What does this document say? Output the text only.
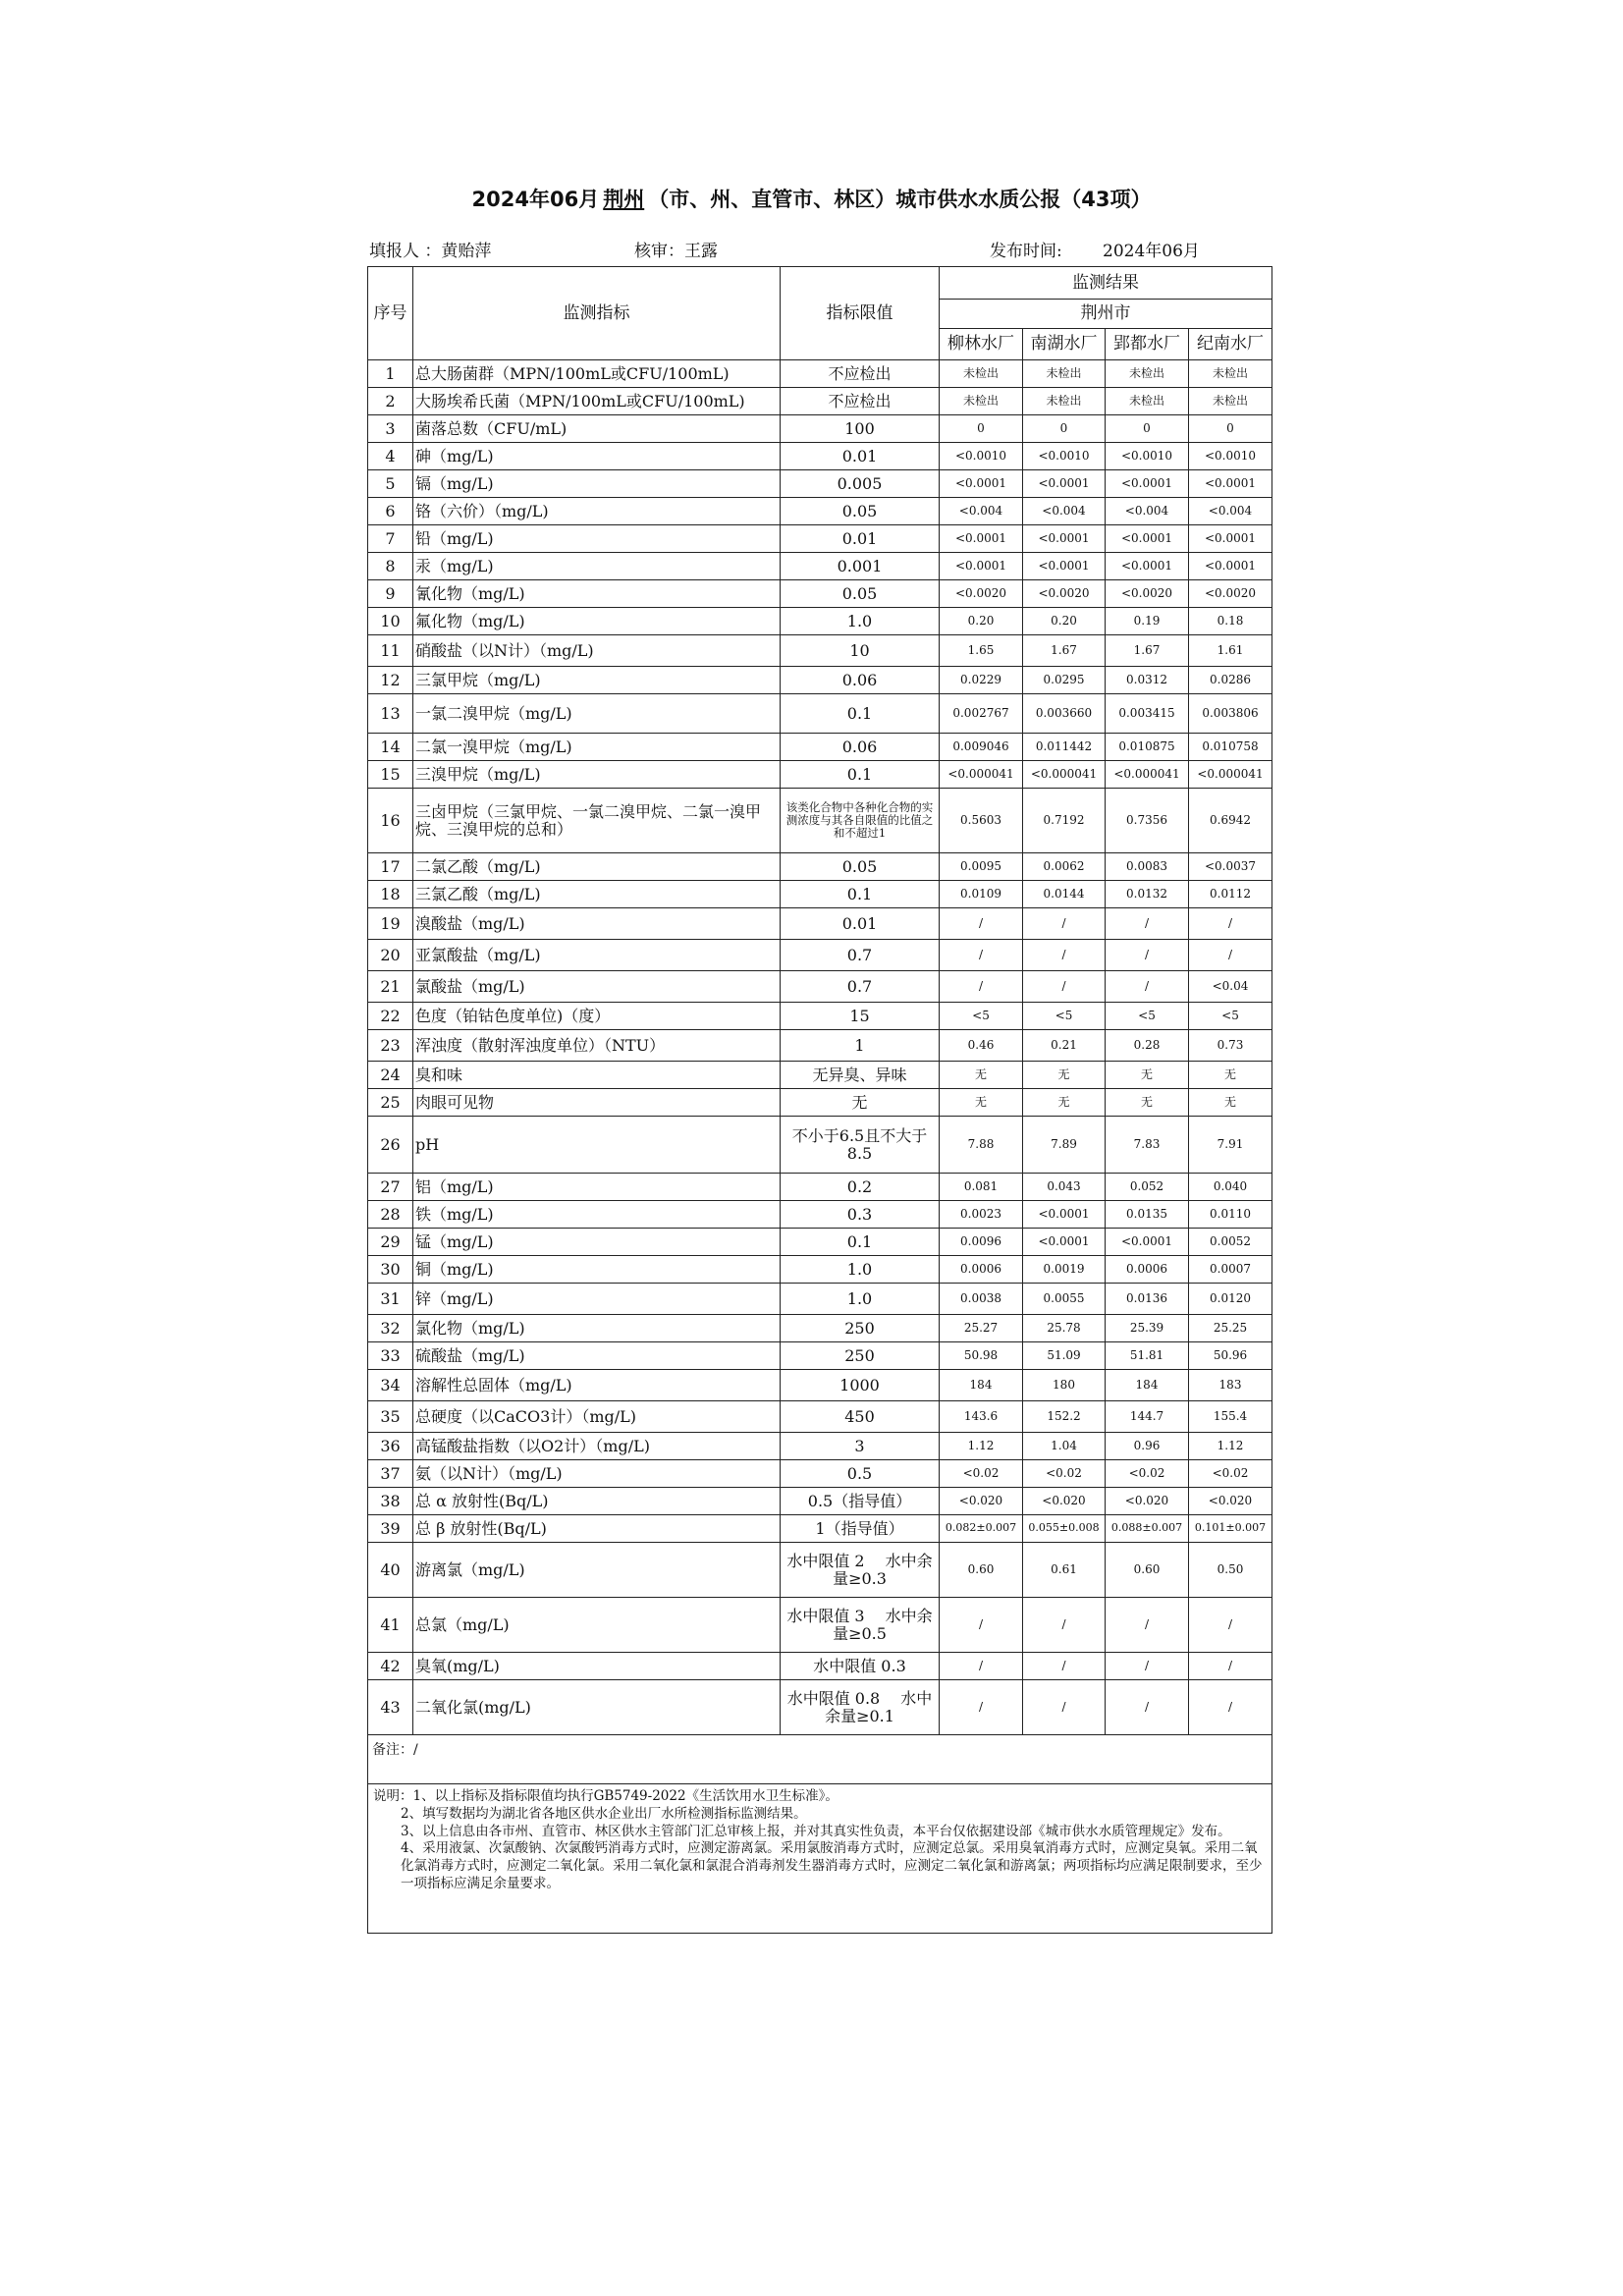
2024年06月 荆州 （市、州、直管市、林区）城市供水水质公报（43项）
填报人 ：黄贻萍	核审：王露	发布时间: 2024年06月
序号	监测指标	指标限值	监测结果			
			荆州市			
			柳林水厂	南湖水厂	郢都水厂	纪南水厂
1	总大肠菌群（MPN/100mL或CFU/100mL)	不应检出	未检出	未检出	未检出	未检出
2	大肠埃希氏菌（MPN/100mL或CFU/100mL)	不应检出	未检出	未检出	未检出	未检出
3	菌落总数（CFU/mL)	100	0	0	0	0
4	砷（mg/L)	0.01	<0.0010	<0.0010	<0.0010	<0.0010
5	镉（mg/L)	0.005	<0.0001	<0.0001	<0.0001	<0.0001
6	铬（六价）（mg/L)	0.05	<0.004	<0.004	<0.004	<0.004
7	铅（mg/L)	0.01	<0.0001	<0.0001	<0.0001	<0.0001
8	汞（mg/L)	0.001	<0.0001	<0.0001	<0.0001	<0.0001
9	氰化物（mg/L)	0.05	<0.0020	<0.0020	<0.0020	<0.0020
10	氟化物（mg/L)	1.0	0.20	0.20	0.19	0.18
11	硝酸盐（以N计）（mg/L)	10	1.65	1.67	1.67	1.61
12	三氯甲烷（mg/L)	0.06	0.0229	0.0295	0.0312	0.0286
13	一氯二溴甲烷（mg/L)	0.1	0.002767	0.003660	0.003415	0.003806
14	二氯一溴甲烷（mg/L)	0.06	0.009046	0.011442	0.010875	0.010758
15	三溴甲烷（mg/L)	0.1	<0.000041	<0.000041	<0.000041	<0.000041
16	三卤甲烷（三氯甲烷、一氯二溴甲烷、二氯一溴甲烷、三溴甲烷的总和）	该类化合物中各种化合物的实测浓度与其各自限值的比值之和不超过1	0.5603	0.7192	0.7356	0.6942
17	二氯乙酸（mg/L)	0.05	0.0095	0.0062	0.0083	<0.0037
18	三氯乙酸（mg/L)	0.1	0.0109	0.0144	0.0132	0.0112
19	溴酸盐（mg/L)	0.01	/	/	/	/
20	亚氯酸盐（mg/L)	0.7	/	/	/	/
21	氯酸盐（mg/L)	0.7	/	/	/	<0.04
22	色度（铂钴色度单位)（度）	15	<5	<5	<5	<5
23	浑浊度（散射浑浊度单位）（NTU）	1	0.46	0.21	0.28	0.73
24	臭和味	无异臭、异味	无	无	无	无
25	肉眼可见物	无	无	无	无	无
26	pH	不小于6.5且不大于8.5	7.88	7.89	7.83	7.91
27	铝（mg/L)	0.2	0.081	0.043	0.052	0.040
28	铁（mg/L)	0.3	0.0023	<0.0001	0.0135	0.0110
29	锰（mg/L)	0.1	0.0096	<0.0001	<0.0001	0.0052
30	铜（mg/L)	1.0	0.0006	0.0019	0.0006	0.0007
31	锌（mg/L)	1.0	0.0038	0.0055	0.0136	0.0120
32	氯化物（mg/L)	250	25.27	25.78	25.39	25.25
33	硫酸盐（mg/L)	250	50.98	51.09	51.81	50.96
34	溶解性总固体（mg/L)	1000	184	180	184	183
35	总硬度（以CaCO3计）（mg/L)	450	143.6	152.2	144.7	155.4
36	高锰酸盐指数（以O2计）（mg/L)	3	1.12	1.04	0.96	1.12
37	氨（以N计）（mg/L)	0.5	<0.02	<0.02	<0.02	<0.02
38	总 α 放射性(Bq/L)	0.5（指导值）	<0.020	<0.020	<0.020	<0.020
39	总 β 放射性(Bq/L)	1（指导值）	0.082±0.007	0.055±0.008	0.088±0.007	0.101±0.007
40	游离氯（mg/L)	水中限值 2　 水中余量≥0.3	0.60	0.61	0.60	0.50
41	总氯（mg/L)	水中限值 3　 水中余量≥0.5	/	/	/	/
42	臭氧(mg/L)	水中限值 0.3	/	/	/	/
43	二氧化氯(mg/L)	水中限值 0.8　 水中余量≥0.1	/	/	/	/
备注：/						

说明：1、以上指标及指标限值均执行GB5749-2022《生活饮用水卫生标准》。
2、填写数据均为湖北省各地区供水企业出厂水所检测指标监测结果。
3、以上信息由各市州、直管市、林区供水主管部门汇总审核上报，并对其真实性负责，本平台仅依据建设部《城市供水水质管理规定》发布。
4、采用液氯、次氯酸钠、次氯酸钙消毒方式时，应测定游离氯。采用氯胺消毒方式时，应测定总氯。采用臭氧消毒方式时，应测定臭氧。采用二氧化氯消毒方式时，应测定二氧化氯。采用二氧化氯和氯混合消毒剂发生器消毒方式时，应测定二氧化氯和游离氯；两项指标均应满足限制要求，至少一项指标应满足余量要求。						
